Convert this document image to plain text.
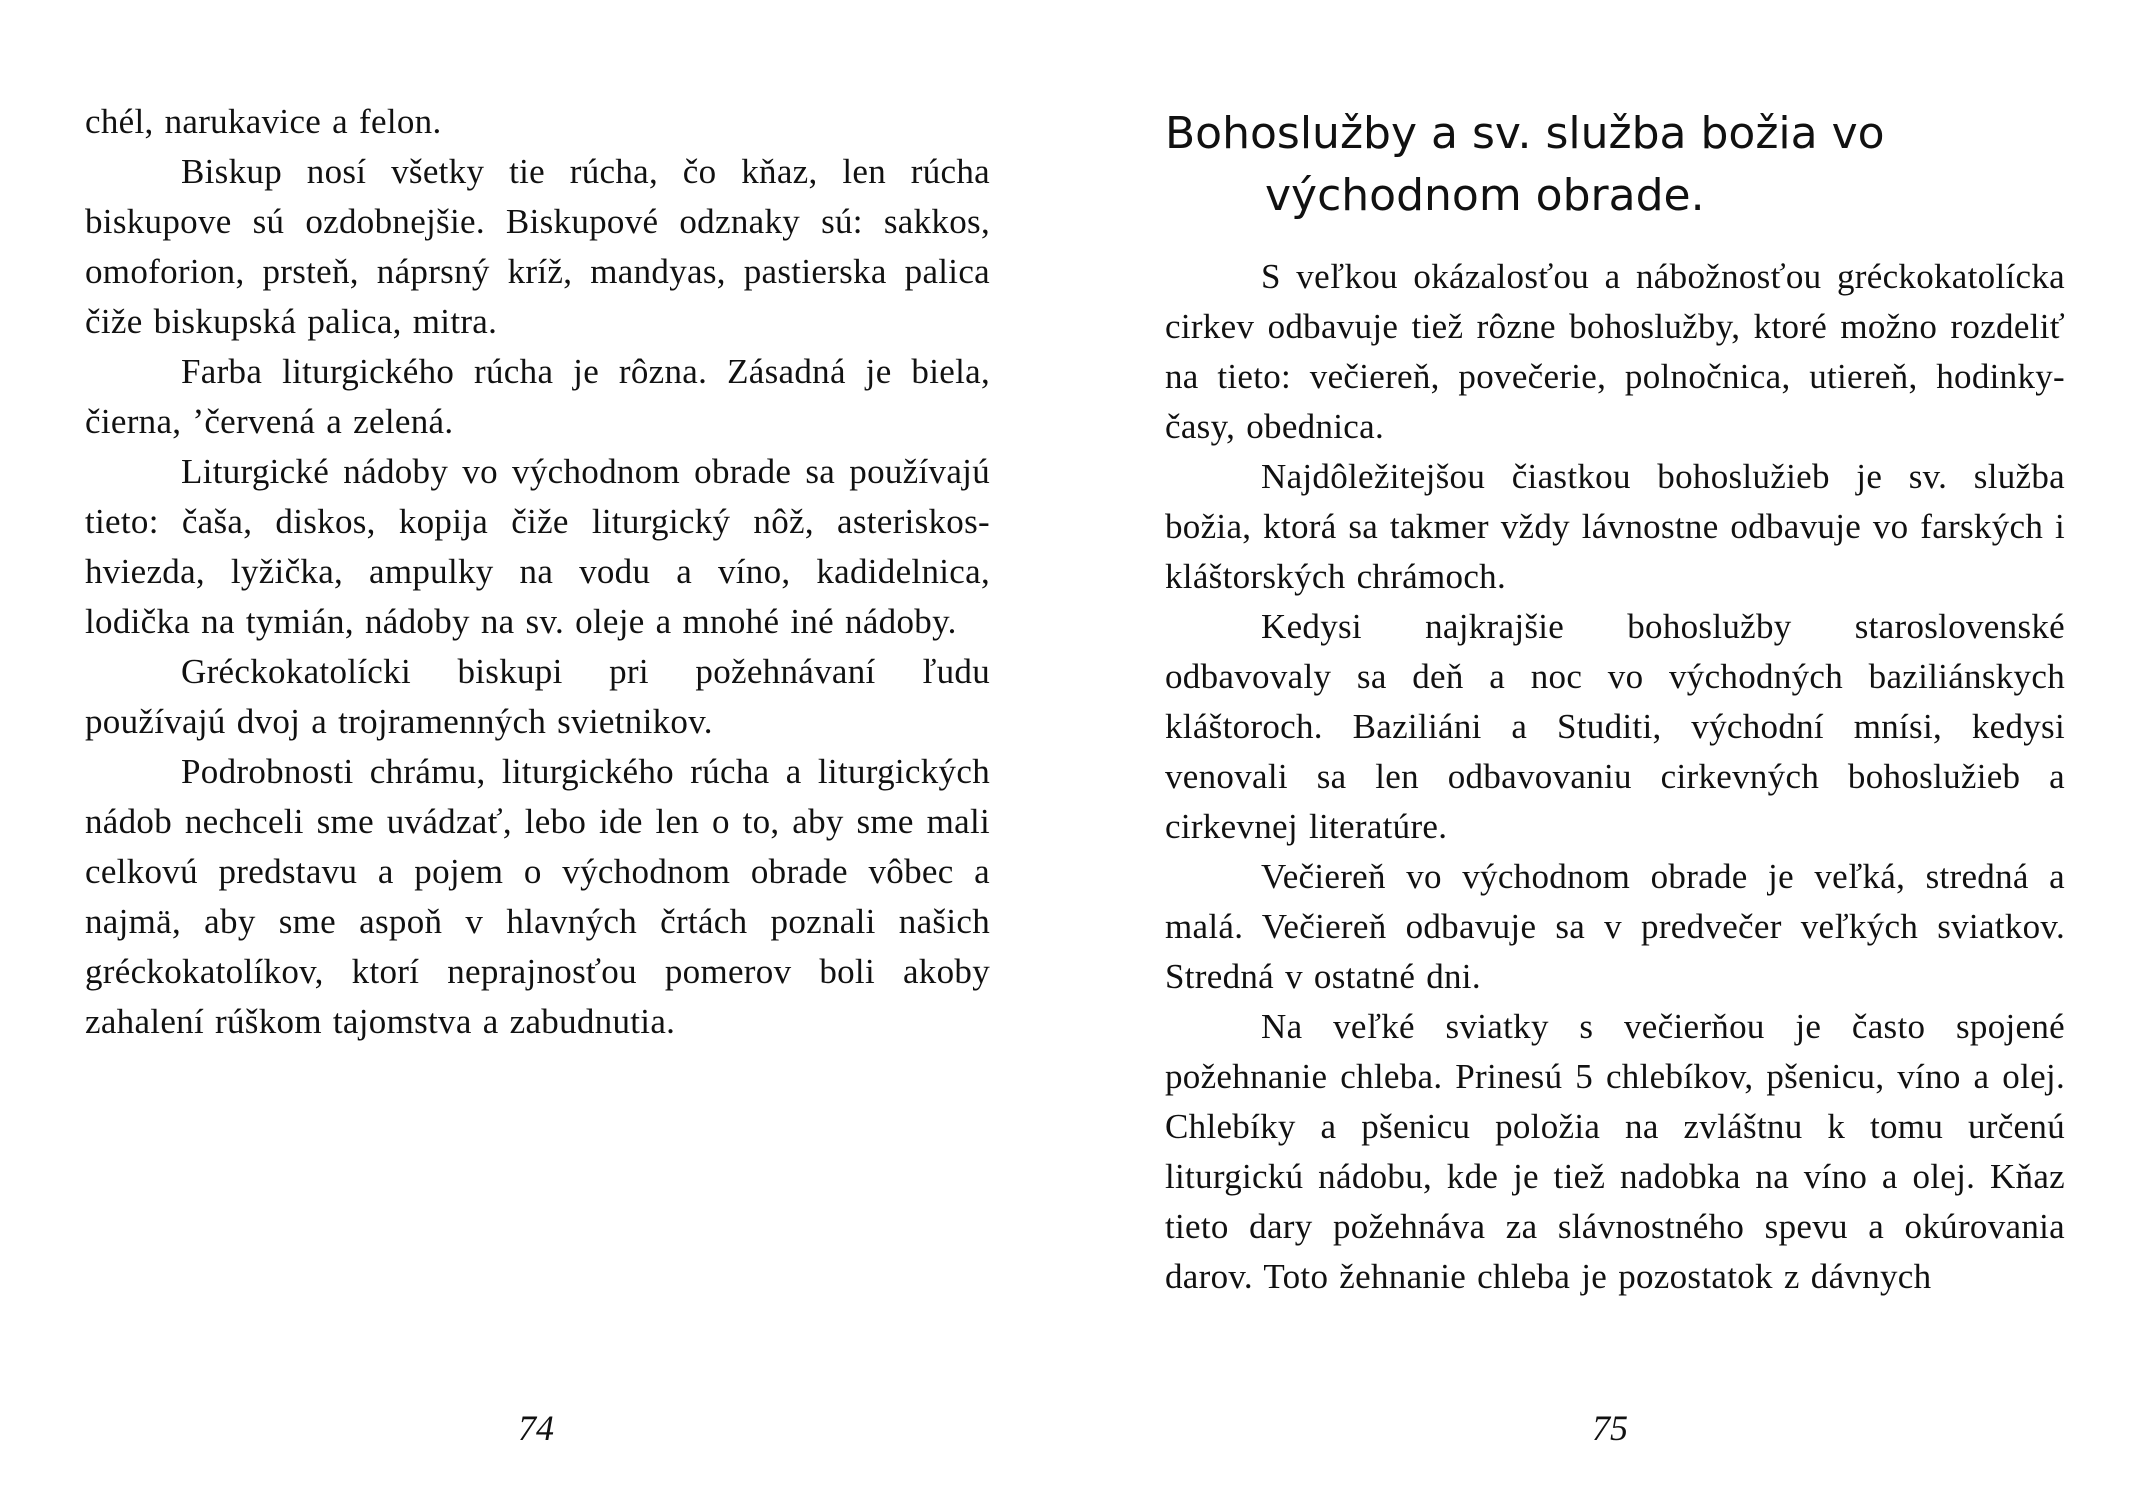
chél, narukavice a felon.

Biskup nosí všetky tie rúcha, čo kňaz, len rúcha biskupove sú ozdobnejšie. Biskupové odznaky sú: sakkos, omoforion, prsteň, náprsný kríž, mandyas, pastierska palica čiže biskupská palica, mitra.

Farba liturgického rúcha je rôzna. Zásadná je biela, čierna, ʼčervená a zelená.

Liturgické nádoby vo východnom obrade sa používajú tieto: čaša, diskos, kopija čiže liturgický nôž, asteriskos-hviezda, lyžička, ampulky na vodu a víno, kadidelnica, lodička na tymián, nádoby na sv. oleje a mnohé iné nádoby.

Gréckokatolícki biskupi pri požehnávaní ľudu používajú dvoj a trojramenných svietnikov.

Podrobnosti chrámu, liturgického rúcha a liturgických nádob nechceli sme uvádzať, lebo ide len o to, aby sme mali celkovú predstavu a pojem o východnom obrade vôbec a najmä, aby sme aspoň v hlavných črtách poznali našich gréckokatolíkov, ktorí neprajnosťou pomerov boli akoby zahalení rúškom tajomstva a zabudnutia.

74
Bohoslužby a sv. služba božia vo východnom obrade.

S veľkou okázalosťou a nábožnosťou gréckokatolícka cirkev odbavuje tiež rôzne bohoslužby, ktoré možno rozdeliť na tieto: večiereň, povečerie, polnočnica, utiereň, hodinky-časy, obednica.

Najdôležitejšou čiastkou bohoslužieb je sv. služba božia, ktorá sa takmer vždy lávnostne odbavuje vo farských i kláštorských chrámoch.

Kedysi najkrajšie bohoslužby staroslovenské odbavovaly sa deň a noc vo východných baziliánskych kláštoroch. Baziliáni a Studiti, východní mnísi, kedysi venovali sa len odbavovaniu cirkevných bohoslužieb a cirkevnej literatúre.

Večiereň vo východnom obrade je veľká, stredná a malá. Večiereň odbavuje sa v predvečer veľkých sviatkov. Stredná v ostatné dni.

Na veľké sviatky s večierňou je často spojené požehnanie chleba. Prinesú 5 chlebíkov, pšenicu, víno a olej. Chlebíky a pšenicu položia na zvláštnu k tomu určenú liturgickú nádobu, kde je tiež nadobka na víno a olej. Kňaz tieto dary požehnáva za slávnostného spevu a okúrovania darov. Toto žehnanie chleba je pozostatok z dávnych

75
